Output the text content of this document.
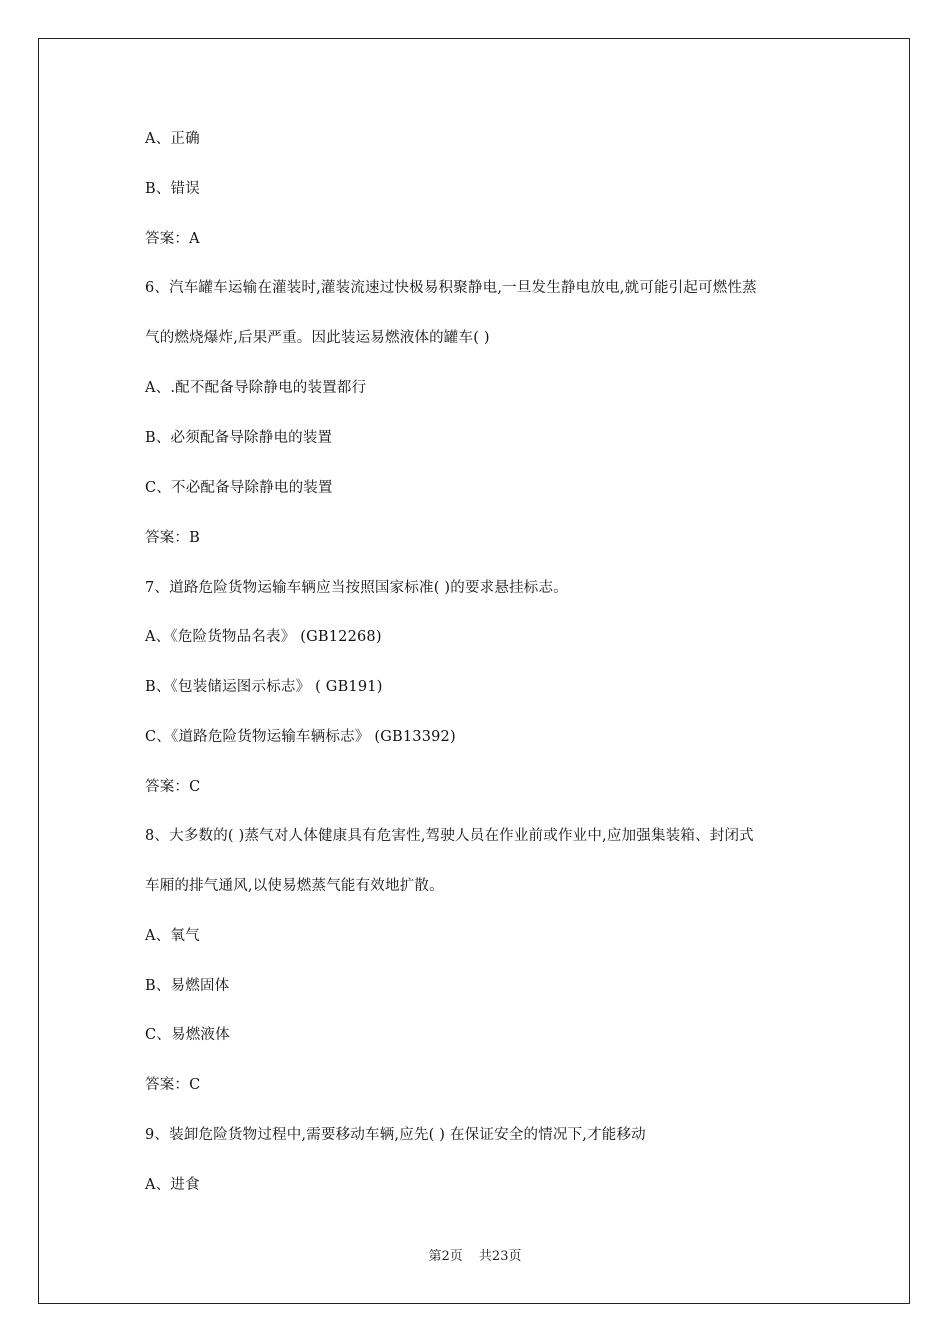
A、正确
B、错误
答案：A
6、汽车罐车运输在灌装时,灌装流速过快极易积聚静电,一旦发生静电放电,就可能引起可燃性蒸
气的燃烧爆炸,后果严重。因此装运易燃液体的罐车( )
A、.配不配备导除静电的装置都行
B、必须配备导除静电的装置
C、不必配备导除静电的装置
答案：B
7、道路危险货物运输车辆应当按照国家标准( )的要求悬挂标志。
A、《危险货物品名表》 (GB12268)
B、《包装储运图示标志》 ( GB191)
C、《道路危险货物运输车辆标志》 (GB13392)
答案：C
8、大多数的( )蒸气对人体健康具有危害性,驾驶人员在作业前或作业中,应加强集装箱、封闭式
车厢的排气通风,以使易燃蒸气能有效地扩散。
A、氧气
B、易燃固体
C、易燃液体
答案：C
9、装卸危险货物过程中,需要移动车辆,应先( ) 在保证安全的情况下,才能移动
A、进食
第2页 共23页
